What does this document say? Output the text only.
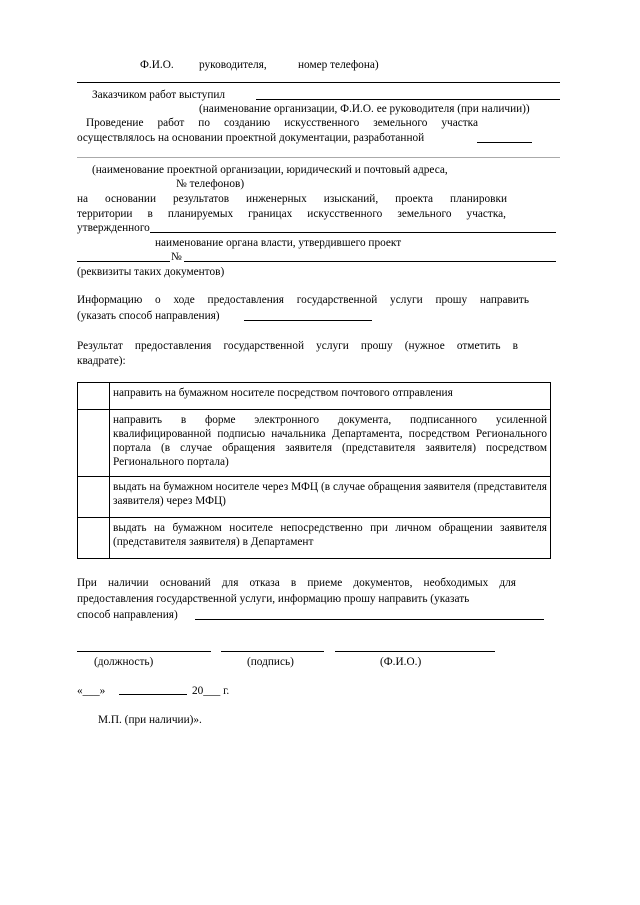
Ф.И.О. руководителя,	номер телефона)
Заказчиком работ выступил
(наименование организации, Ф.И.О. ее руководителя (при наличии))
Проведение работ по созданию искусственного земельного участка
осуществлялось на основании проектной документации, разработанной
(наименование проектной организации, юридический и почтовый адреса,
№ телефонов)
на основании результатов инженерных изысканий, проекта планировки
территории в планируемых границах искусственного земельного участка,
утвержденного
наименование органа власти, утвердившего проект
№
(реквизиты таких документов)
Информацию о ходе предоставления государственной услуги прошу направить
(указать способ направления)
Результат предоставления государственной услуги прошу (нужное отметить в
квадрате):
	направить на бумажном носителе посредством почтового отправления
	направить в форме электронного документа, подписанного усиленной квалифицированной подписью начальника Департамента, посредством Регионального портала (в случае обращения заявителя (представителя заявителя) посредством Регионального портала)
	выдать на бумажном носителе через МФЦ (в случае обращения заявителя (представителя заявителя) через МФЦ)
	выдать на бумажном носителе непосредственно при личном обращении заявителя (представителя заявителя) в Департамент
При наличии оснований для отказа в приеме документов, необходимых для
предоставления государственной услуги, информацию прошу направить (указать
способ направления)
(должность)	(подпись)	(Ф.И.О.)
«___»	20___ г.
М.П. (при наличии)».
